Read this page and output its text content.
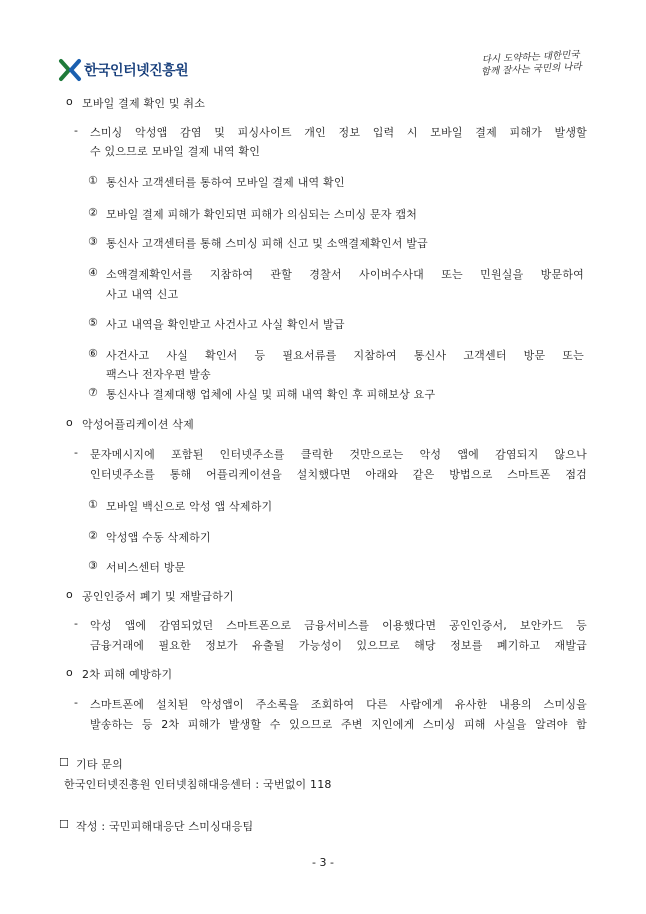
한국인터넷진흥원
다시 도약하는 대한민국
함께 잘사는 국민의 나라
o 모바일 결제 확인 및 취소
- 스미싱 악성앱 감염 및 피싱사이트 개인 정보 입력 시 모바일 결제 피해가 발생할
수 있으므로 모바일 결제 내역 확인
① 통신사 고객센터를 통하여 모바일 결제 내역 확인
② 모바일 결제 피해가 확인되면 피해가 의심되는 스미싱 문자 캡처
③ 통신사 고객센터를 통해 스미싱 피해 신고 및 소액결제확인서 발급
④ 소액결제확인서를 지참하여 관할 경찰서 사이버수사대 또는 민원실을 방문하여
사고 내역 신고
⑤ 사고 내역을 확인받고 사건사고 사실 확인서 발급
⑥ 사건사고 사실 확인서 등 필요서류를 지참하여 통신사 고객센터 방문 또는
팩스나 전자우편 발송
⑦ 통신사나 결제대행 업체에 사실 및 피해 내역 확인 후 피해보상 요구
o 악성어플리케이션 삭제
- 문자메시지에 포함된 인터넷주소를 클릭한 것만으로는 악성 앱에 감염되지 않으나
인터넷주소를 통해 어플리케이션을 설치했다면 아래와 같은 방법으로 스마트폰 점검
① 모바일 백신으로 악성 앱 삭제하기
② 악성앱 수동 삭제하기
③ 서비스센터 방문
o 공인인증서 폐기 및 재발급하기
- 악성 앱에 감염되었던 스마트폰으로 금융서비스를 이용했다면 공인인증서, 보안카드 등
금융거래에 필요한 정보가 유출될 가능성이 있으므로 해당 정보를 폐기하고 재발급
o 2차 피해 예방하기
- 스마트폰에 설치된 악성앱이 주소록을 조회하여 다른 사람에게 유사한 내용의 스미싱을
발송하는 등 2차 피해가 발생할 수 있으므로 주변 지인에게 스미싱 피해 사실을 알려야 함
☐ 기타 문의
한국인터넷진흥원 인터넷침해대응센터 : 국번없이 118
☐ 작성 : 국민피해대응단 스미싱대응팀
- 3 -
